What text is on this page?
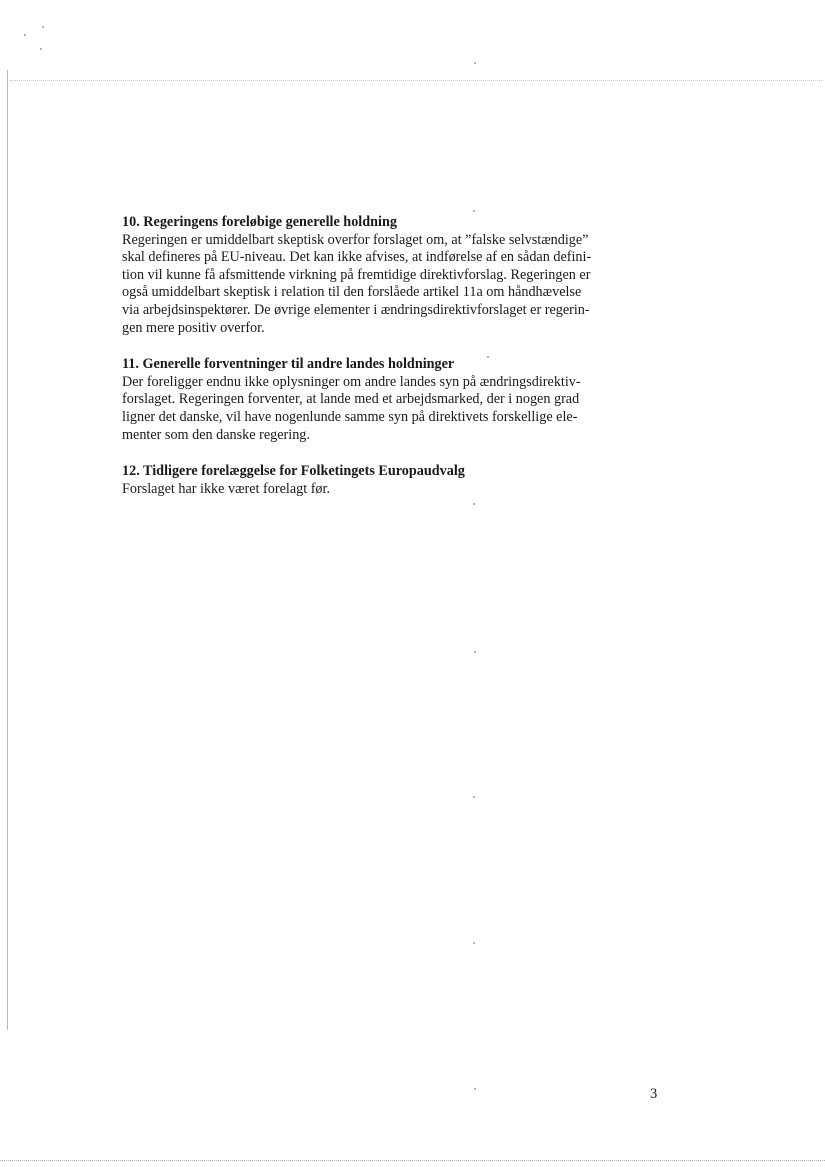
10. Regeringens foreløbige generelle holdning

Regeringen er umiddelbart skeptisk overfor forslaget om, at ”falske selvstændige”
skal defineres på EU-niveau. Det kan ikke afvises, at indførelse af en sådan defini-
tion vil kunne få afsmittende virkning på fremtidige direktivforslag. Regeringen er
også umiddelbart skeptisk i relation til den forslåede artikel 11a om håndhævelse
via arbejdsinspektører. De øvrige elementer i ændringsdirektivforslaget er regerin-
gen mere positiv overfor.

11. Generelle forventninger til andre landes holdninger

Der foreligger endnu ikke oplysninger om andre landes syn på ændringsdirektiv-
forslaget. Regeringen forventer, at lande med et arbejdsmarked, der i nogen grad
ligner det danske, vil have nogenlunde samme syn på direktivets forskellige ele-
menter som den danske regering.

12. Tidligere forelæggelse for Folketingets Europaudvalg

Forslaget har ikke været forelagt før.

3
